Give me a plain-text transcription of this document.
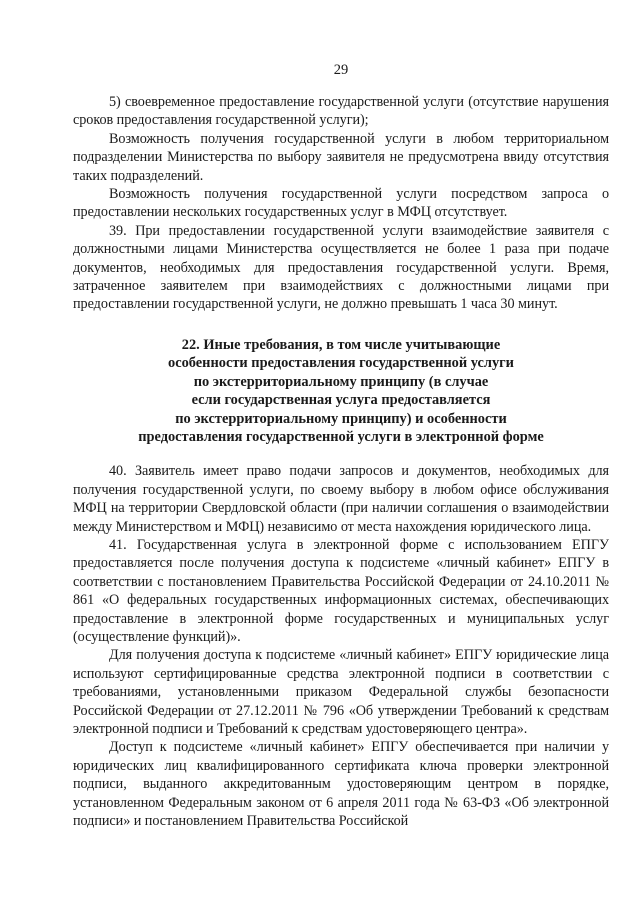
29

5) своевременное предоставление государственной услуги (отсутствие нарушения сроков предоставления государственной услуги);

Возможность получения государственной услуги в любом территориальном подразделении Министерства по выбору заявителя не предусмотрена ввиду отсутствия таких подразделений.

Возможность получения государственной услуги посредством запроса о предоставлении нескольких государственных услуг в МФЦ отсутствует.

39. При предоставлении государственной услуги взаимодействие заявителя с должностными лицами Министерства осуществляется не более 1 раза при подаче документов, необходимых для предоставления государственной услуги. Время, затраченное заявителем при взаимодействиях с должностными лицами при предоставлении государственной услуги, не должно превышать 1 часа 30 минут.

22. Иные требования, в том числе учитывающие
особенности предоставления государственной услуги
по экстерриториальному принципу (в случае
если государственная услуга предоставляется
по экстерриториальному принципу) и особенности
предоставления государственной услуги в электронной форме

40. Заявитель имеет право подачи запросов и документов, необходимых для получения государственной услуги, по своему выбору в любом офисе обслуживания МФЦ на территории Свердловской области (при наличии соглашения о взаимодействии между Министерством и МФЦ) независимо от места нахождения юридического лица.

41. Государственная услуга в электронной форме с использованием ЕПГУ предоставляется после получения доступа к подсистеме «личный кабинет» ЕПГУ в соответствии с постановлением Правительства Российской Федерации от 24.10.2011 № 861 «О федеральных государственных информационных системах, обеспечивающих предоставление в электронной форме государственных и муниципальных услуг (осуществление функций)».

Для получения доступа к подсистеме «личный кабинет» ЕПГУ юридические лица используют сертифицированные средства электронной подписи в соответствии с требованиями, установленными приказом Федеральной службы безопасности Российской Федерации от 27.12.2011 № 796 «Об утверждении Требований к средствам электронной подписи и Требований к средствам удостоверяющего центра».

Доступ к подсистеме «личный кабинет» ЕПГУ обеспечивается при наличии у юридических лиц квалифицированного сертификата ключа проверки электронной подписи, выданного аккредитованным удостоверяющим центром в порядке, установленном Федеральным законом от 6 апреля 2011 года № 63-ФЗ «Об электронной подписи» и постановлением Правительства Российской
